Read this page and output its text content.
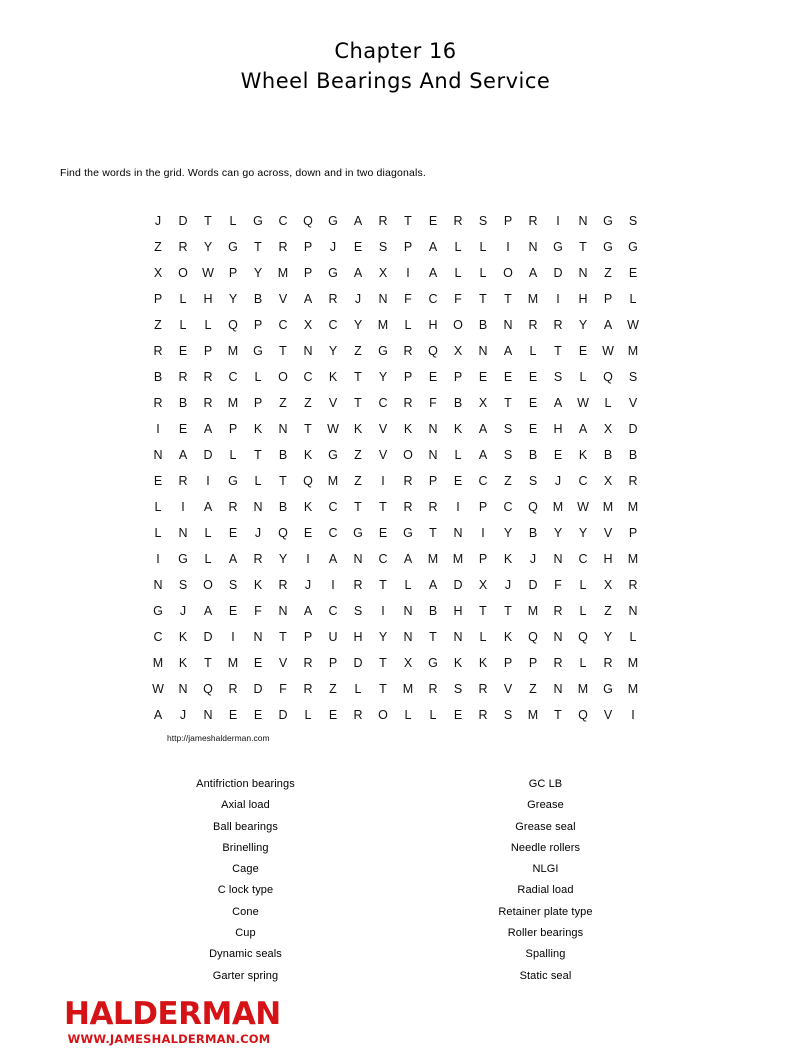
Chapter 16
Wheel Bearings And Service
Find the words in the grid. Words can go across, down and in two diagonals.
J	D	T	L	G	C	Q	G	A	R	T	E	R	S	P	R	I	N	G	S
Z	R	Y	G	T	R	P	J	E	S	P	A	L	L	I	N	G	T	G	G
X	O	W	P	Y	M	P	G	A	X	I	A	L	L	O	A	D	N	Z	E
P	L	H	Y	B	V	A	R	J	N	F	C	F	T	T	M	I	H	P	L
Z	L	L	Q	P	C	X	C	Y	M	L	H	O	B	N	R	R	Y	A	W
R	E	P	M	G	T	N	Y	Z	G	R	Q	X	N	A	L	T	E	W	M
B	R	R	C	L	O	C	K	T	Y	P	E	P	E	E	E	S	L	Q	S
R	B	R	M	P	Z	Z	V	T	C	R	F	B	X	T	E	A	W	L	V
I	E	A	P	K	N	T	W	K	V	K	N	K	A	S	E	H	A	X	D
N	A	D	L	T	B	K	G	Z	V	O	N	L	A	S	B	E	K	B	B
E	R	I	G	L	T	Q	M	Z	I	R	P	E	C	Z	S	J	C	X	R
L	I	A	R	N	B	K	C	T	T	R	R	I	P	C	Q	M	W	M	M
L	N	L	E	J	Q	E	C	G	E	G	T	N	I	Y	B	Y	Y	V	P
I	G	L	A	R	Y	I	A	N	C	A	M	M	P	K	J	N	C	H	M
N	S	O	S	K	R	J	I	R	T	L	A	D	X	J	D	F	L	X	R
G	J	A	E	F	N	A	C	S	I	N	B	H	T	T	M	R	L	Z	N
C	K	D	I	N	T	P	U	H	Y	N	T	N	L	K	Q	N	Q	Y	L
M	K	T	M	E	V	R	P	D	T	X	G	K	K	P	P	R	L	R	M
W	N	Q	R	D	F	R	Z	L	T	M	R	S	R	V	Z	N	M	G	M
A	J	N	E	E	D	L	E	R	O	L	L	E	R	S	M	T	Q	V	I
http://jameshalderman.com
Antifriction bearings
Axial load
Ball bearings
Brinelling
Cage
C lock type
Cone
Cup
Dynamic seals
Garter spring
GC LB
Grease
Grease seal
Needle rollers
NLGI
Radial load
Retainer plate type
Roller bearings
Spalling
Static seal
HALDERMAN
WWW.JAMESHALDERMAN.COM
